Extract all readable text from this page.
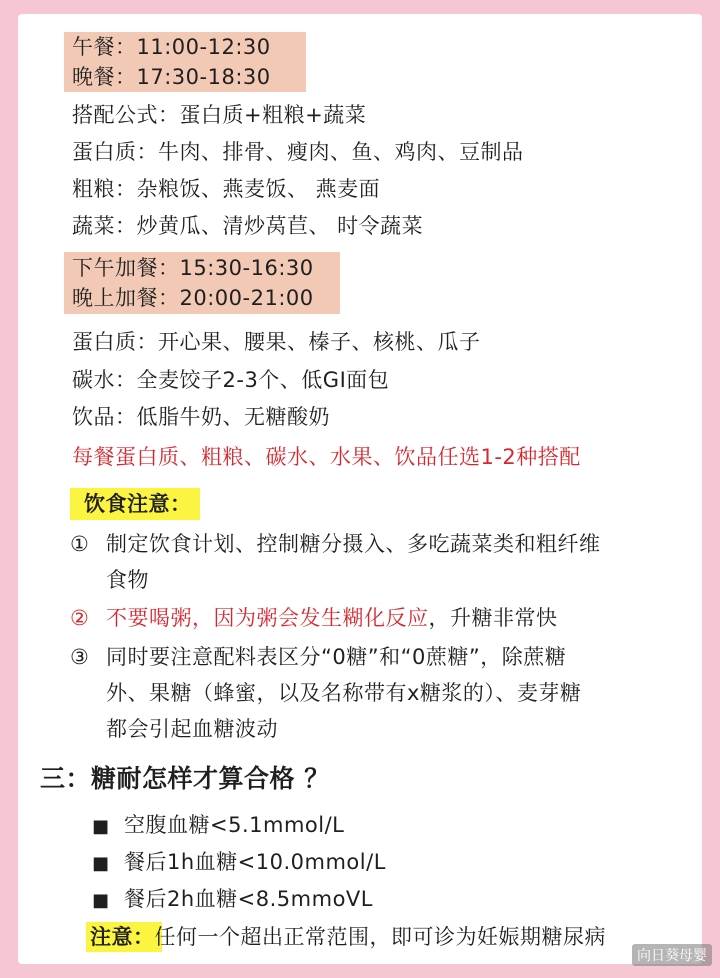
午餐：11:00-12:30
晚餐：17:30-18:30
搭配公式：蛋白质+粗粮+蔬菜
蛋白质：牛肉、排骨、瘦肉、鱼、鸡肉、豆制品
粗粮：杂粮饭、燕麦饭、 燕麦面
蔬菜：炒黄瓜、清炒莴苣、 时令蔬菜
下午加餐：15:30-16:30
晚上加餐：20:00-21:00
蛋白质：开心果、腰果、榛子、核桃、瓜子
碳水：全麦饺子2-3个、低GI面包
饮品：低脂牛奶、无糖酸奶
每餐蛋白质、粗粮、碳水、水果、饮品任选1-2种搭配
饮食注意：
① 制定饮食计划、控制糖分摄入、多吃蔬菜类和粗纤维
食物
② 不要喝粥，因为粥会发生糊化反应，升糖非常快
③ 同时要注意配料表区分“0糖”和“0蔗糖”，除蔗糖
外、果糖（蜂蜜，以及名称带有x糖浆的）、麦芽糖
都会引起血糖波动
三：糖耐怎样才算合格 ？
■ 空腹血糖<5.1mmol/L
■ 餐后1h血糖<10.0mmol/L
■ 餐后2h血糖<8.5mmoVL
注意：任何一个超出正常范围，即可诊为妊娠期糖尿病
向日葵母婴
